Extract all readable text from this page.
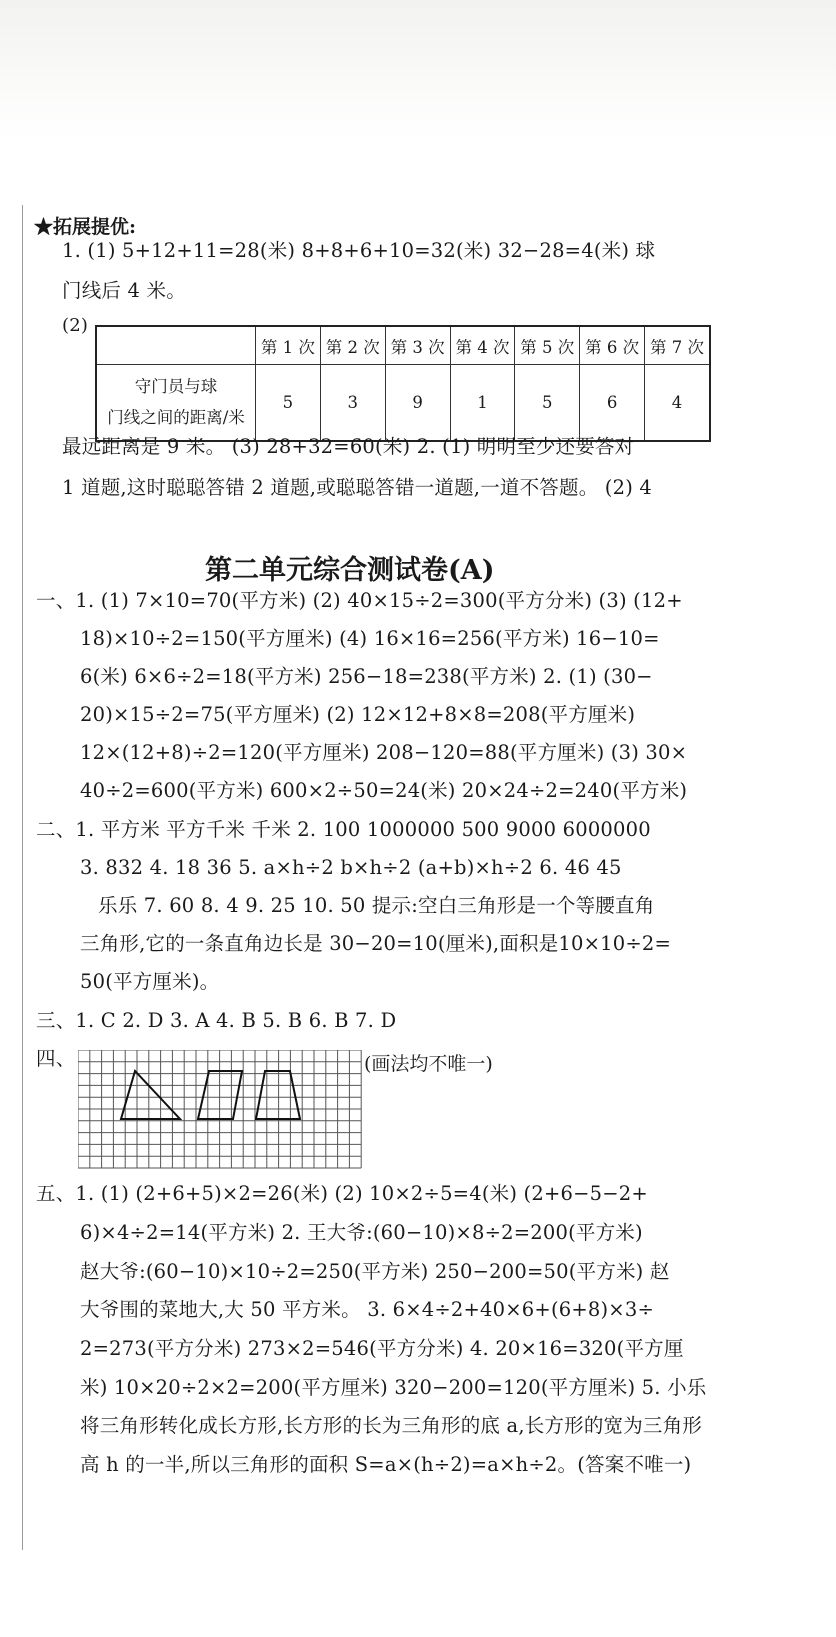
★拓展提优:
1. (1) 5+12+11=28(米) 8+8+6+10=32(米) 32−28=4(米) 球
门线后 4 米。
(2)
	第 1 次	第 2 次	第 3 次	第 4 次	第 5 次	第 6 次	第 7 次

守门员与球
门线之间的距离/米	5	3	9	1	5	6	4
最远距离是 9 米。 (3) 28+32=60(米) 2. (1) 明明至少还要答对
1 道题,这时聪聪答错 2 道题,或聪聪答错一道题,一道不答题。 (2) 4
第二单元综合测试卷(A)
一、1. (1) 7×10=70(平方米) (2) 40×15÷2=300(平方分米) (3) (12+
18)×10÷2=150(平方厘米) (4) 16×16=256(平方米) 16−10=
6(米) 6×6÷2=18(平方米) 256−18=238(平方米) 2. (1) (30−
20)×15÷2=75(平方厘米) (2) 12×12+8×8=208(平方厘米)
12×(12+8)÷2=120(平方厘米) 208−120=88(平方厘米) (3) 30×
40÷2=600(平方米) 600×2÷50=24(米) 20×24÷2=240(平方米)
二、1. 平方米 平方千米 千米 2. 100 1000000 500 9000 6000000
3. 832 4. 18 36 5. a×h÷2 b×h÷2 (a+b)×h÷2 6. 46 45
乐乐 7. 60 8. 4 9. 25 10. 50 提示:空白三角形是一个等腰直角
三角形,它的一条直角边长是 30−20=10(厘米),面积是10×10÷2=
50(平方厘米)。
三、1. C 2. D 3. A 4. B 5. B 6. B 7. D
四、	(画法均不唯一)
五、1. (1) (2+6+5)×2=26(米) (2) 10×2÷5=4(米) (2+6−5−2+
6)×4÷2=14(平方米) 2. 王大爷:(60−10)×8÷2=200(平方米)
赵大爷:(60−10)×10÷2=250(平方米) 250−200=50(平方米) 赵
大爷围的菜地大,大 50 平方米。 3. 6×4÷2+40×6+(6+8)×3÷
2=273(平方分米) 273×2=546(平方分米) 4. 20×16=320(平方厘
米) 10×20÷2×2=200(平方厘米) 320−200=120(平方厘米) 5. 小乐
将三角形转化成长方形,长方形的长为三角形的底 a,长方形的宽为三角形
高 h 的一半,所以三角形的面积 S=a×(h÷2)=a×h÷2。(答案不唯一)
